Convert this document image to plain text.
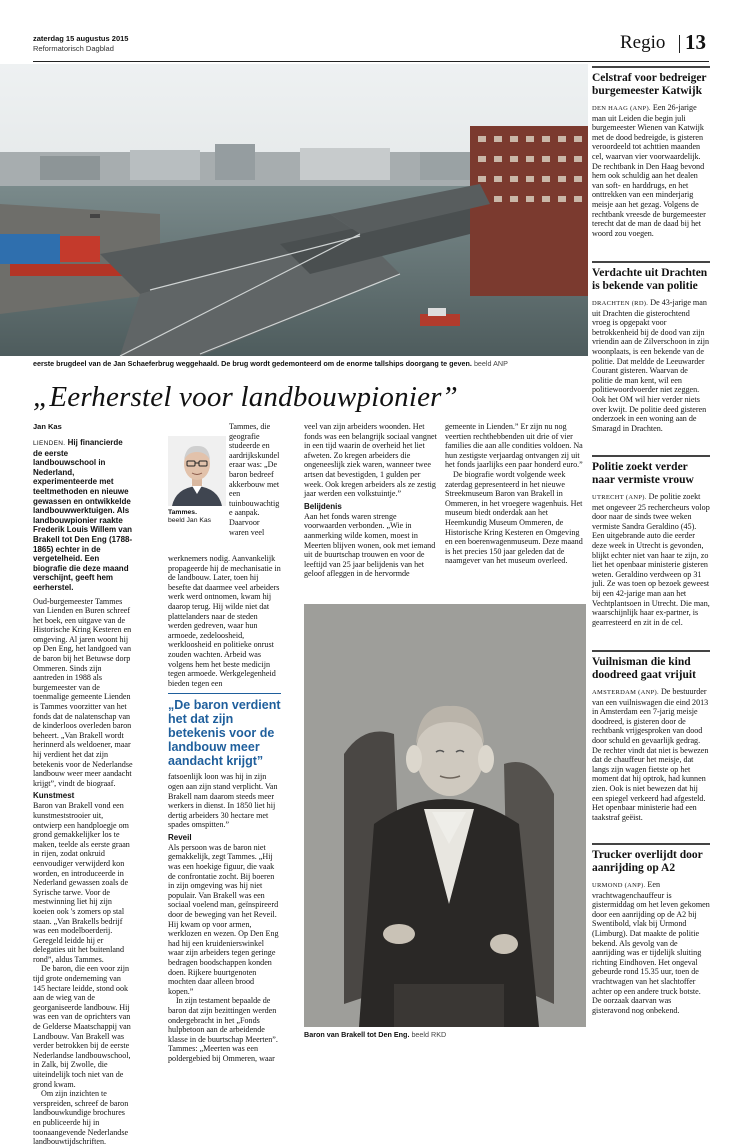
zaterdag 15 augustus 2015
Reformatorisch Dagblad	Regio 13
eerste brugdeel van de Jan Schaeferbrug weggehaald. De brug wordt gedemonteerd om de enorme tallships doorgang te geven. beeld ANP
„Eerherstel voor landbouwpionier”
Jan Kas
LIENDEN. Hij financierde de eerste landbouwschool in Nederland, experimenteerde met teeltmethoden en nieuwe gewassen en ontwikkelde landbouwwerktuigen. Als landbouwpionier raakte Frederik Louis Willem van Brakell tot Den Eng (1788-1865) echter in de vergetelheid. Een biografie die deze maand verschijnt, geeft hem eerherstel.

Oud-burgemeester Tammes van Lienden en Buren schreef het boek, een uitgave van de Historische Kring Kesteren en omgeving. Al jaren woont hij op Den Eng, het landgoed van de baron bij het Betuwse dorp Ommeren. Sinds zijn aantreden in 1988 als burgemeester van de toenmalige gemeente Lienden is Tammes voorzitter van het fonds dat de nalatenschap van de kinderloos overleden baron beheert. „Van Brakell wordt herinnerd als weldoener, maar hij verdient het dat zijn betekenis voor de Nederlandse landbouw weer meer aandacht krijgt”, vindt de biograaf.

Kunstmest

Baron van Brakell vond een kunstmeststrooier uit, ontwierp een handploegje om grond gemakkelijker los te maken, teelde als eerste graan in rijen, zodat onkruid eenvoudiger verwijderd kon worden, en introduceerde in Nederland gewassen zoals de Syrische tarwe. Voor de mestwinning liet hij zijn koeien ook 's zomers op stal staan. „Van Brakells bedrijf was een modelboerderij. Geregeld leidde hij er delegaties uit het buitenland rond”, aldus Tammes.

De baron, die een voor zijn tijd grote onderneming van 145 hectare leidde, stond ook aan de wieg van de georganiseerde landbouw. Hij was een van de oprichters van de Gelderse Maatschappij van Landbouw. Van Brakell was verder betrokken bij de eerste Nederlandse landbouwschool, in Zalk, bij Zwolle, die uiteindelijk toch niet van de grond kwam.

Om zijn inzichten te verspreiden, schreef de baron landbouwkundige brochures en publiceerde hij in toonaangevende Nederlandse landbouwtijdschriften.

Tammes.
beeld Jan Kas
Tammes, die geografie studeerde en aardrijkskundeleraar was: „De baron bedreef akkerbouw met een tuinbouwachtige aanpak. Daarvoor waren veel

werknemers nodig. Aanvankelijk propageerde hij de mechanisatie in de landbouw. Later, toen hij besefte dat daarmee veel arbeiders werk werd ontnomen, kwam hij daarop terug. Hij wilde niet dat plattelanders naar de steden werden gedreven, waar hun armoede, zedeloosheid, werkloosheid en politieke onrust zouden wachten. Arbeid was volgens hem het beste medicijn tegen armoede. Werkgelegenheid bieden tegen een

„De baron verdient het dat zijn betekenis voor de landbouw meer aandacht krijgt”

fatsoenlijk loon was hij in zijn ogen aan zijn stand verplicht. Van Brakell nam daarom steeds meer werkers in dienst. In 1850 liet hij dertig arbeiders 30 hectare met spades omspitten.”

Reveil

Als persoon was de baron niet gemakkelijk, zegt Tammes. „Hij was een hoekige figuur, die vaak de confrontatie zocht. Bij boeren in zijn omgeving was hij niet populair. Van Brakell was een sociaal voelend man, geïnspireerd door de beweging van het Reveil. Hij kwam op voor armen, werklozen en wezen. Op Den Eng had hij een kruidenierswinkel waar zijn arbeiders tegen geringe bedragen boodschappen konden doen. Rijkere buurtgenoten mochten daar alleen brood kopen.”

In zijn testament bepaalde de baron dat zijn bezittingen werden ondergebracht in het „Fonds hulpbetoon aan de arbeidende klasse in de buurtschap Meerten”. Tammes: „Meerten was een poldergebied bij Ommeren, waar

veel van zijn arbeiders woonden. Het fonds was een belangrijk sociaal vangnet in een tijd waarin de overheid het liet afweten. Zo kregen arbeiders die ongeneeslijk ziek waren, wanneer twee artsen dat bevestigden, 1 gulden per week. Ook kregen arbeiders als ze zestig jaar werden een volkstuintje.”

Belijdenis

Aan het fonds waren strenge voorwaarden verbonden. „Wie in aanmerking wilde komen, moest in Meerten blijven wonen, ook met iemand uit de buurtschap trouwen en voor de leeftijd van 25 jaar belijdenis van het geloof afleggen in de hervormde

gemeente in Lienden.” Er zijn nu nog veertien rechthebbenden uit drie of vier families die aan alle condities voldoen. Na hun zestigste verjaardag ontvangen zij uit het fonds jaarlijks een paar honderd euro.”

De biografie wordt volgende week zaterdag gepresenteerd in het nieuwe Streekmuseum Baron van Brakell in Ommeren, in het vroegere wagenhuis. Het museum biedt onderdak aan het Heemkundig Museum Ommeren, de Historische Kring Kesteren en Omgeving en een boerenwagenmuseum. Deze maand is het precies 150 jaar geleden dat de naamgever van het museum overleed.

Baron van Brakell tot Den Eng. beeld RKD
Celstraf voor bedreiger burgemeester Katwijk

DEN HAAG (ANP). Een 26-jarige man uit Leiden die begin juli burgemeester Wienen van Katwijk met de dood bedreigde, is gisteren veroordeeld tot achttien maanden cel, waarvan vier voorwaardelijk. De rechtbank in Den Haag bevond hem ook schuldig aan het dealen van soft- en harddrugs, en het onttrekken van een minderjarig meisje aan het gezag. Volgens de rechtbank vreesde de burgemeester terecht dat de man de daad bij het woord zou voegen.

Verdachte uit Drachten is bekende van politie

DRACHTEN (RD). De 43-jarige man uit Drachten die gisterochtend vroeg is opgepakt voor betrokkenheid bij de dood van zijn vriendin aan de Zilverschoon in zijn woonplaats, is een bekende van de politie. Dat meldde de Leeuwarder Courant gisteren. Waarvan de politie de man kent, wil een politiewoordvoerder niet zeggen. Ook het OM wil hier verder niets over kwijt. De politie deed gisteren onderzoek in een woning aan de Smaragd in Drachten.

Politie zoekt verder naar vermiste vrouw

UTRECHT (ANP). De politie zoekt met ongeveer 25 rechercheurs volop door naar de sinds twee weken vermiste Sandra Geraldino (45). Een uitgebrande auto die eerder deze week in Utrecht is gevonden, blijkt echter niet van haar te zijn, zo liet het openbaar ministerie gisteren weten. Geraldino verdween op 31 juli. Ze was toen op bezoek geweest bij een 42-jarige man aan het Vechtplantsoen in Utrecht. Die man, waarschijnlijk haar ex-partner, is gearresteerd en zit in de cel.

Vuilnisman die kind doodreed gaat vrijuit

AMSTERDAM (ANP). De bestuurder van een vuilniswagen die eind 2013 in Amsterdam een 7-jarig meisje doodreed, is gisteren door de rechtbank vrijgesproken van dood door schuld en gevaarlijk gedrag. De rechter vindt dat niet is bewezen dat de chauffeur het meisje, dat langs zijn wagen fietste op het moment dat hij optrok, had kunnen zien. Ook is niet bewezen dat hij een spiegel verkeerd had afgesteld. Het openbaar ministerie had een taakstraf geëist.

Trucker overlijdt door aanrijding op A2

URMOND (ANP). Een vrachtwagenchauffeur is gistermiddag om het leven gekomen door een aanrijding op de A2 bij Swentibold, vlak bij Urmond (Limburg). Dat maakte de politie bekend. Als gevolg van de aanrijding was er tijdelijk sluiting richting Eindhoven. Het ongeval gebeurde rond 15.35 uur, toen de vrachtwagen van het slachtoffer achter op een andere truck botste. De oorzaak daarvan was gisteravond nog onbekend.
